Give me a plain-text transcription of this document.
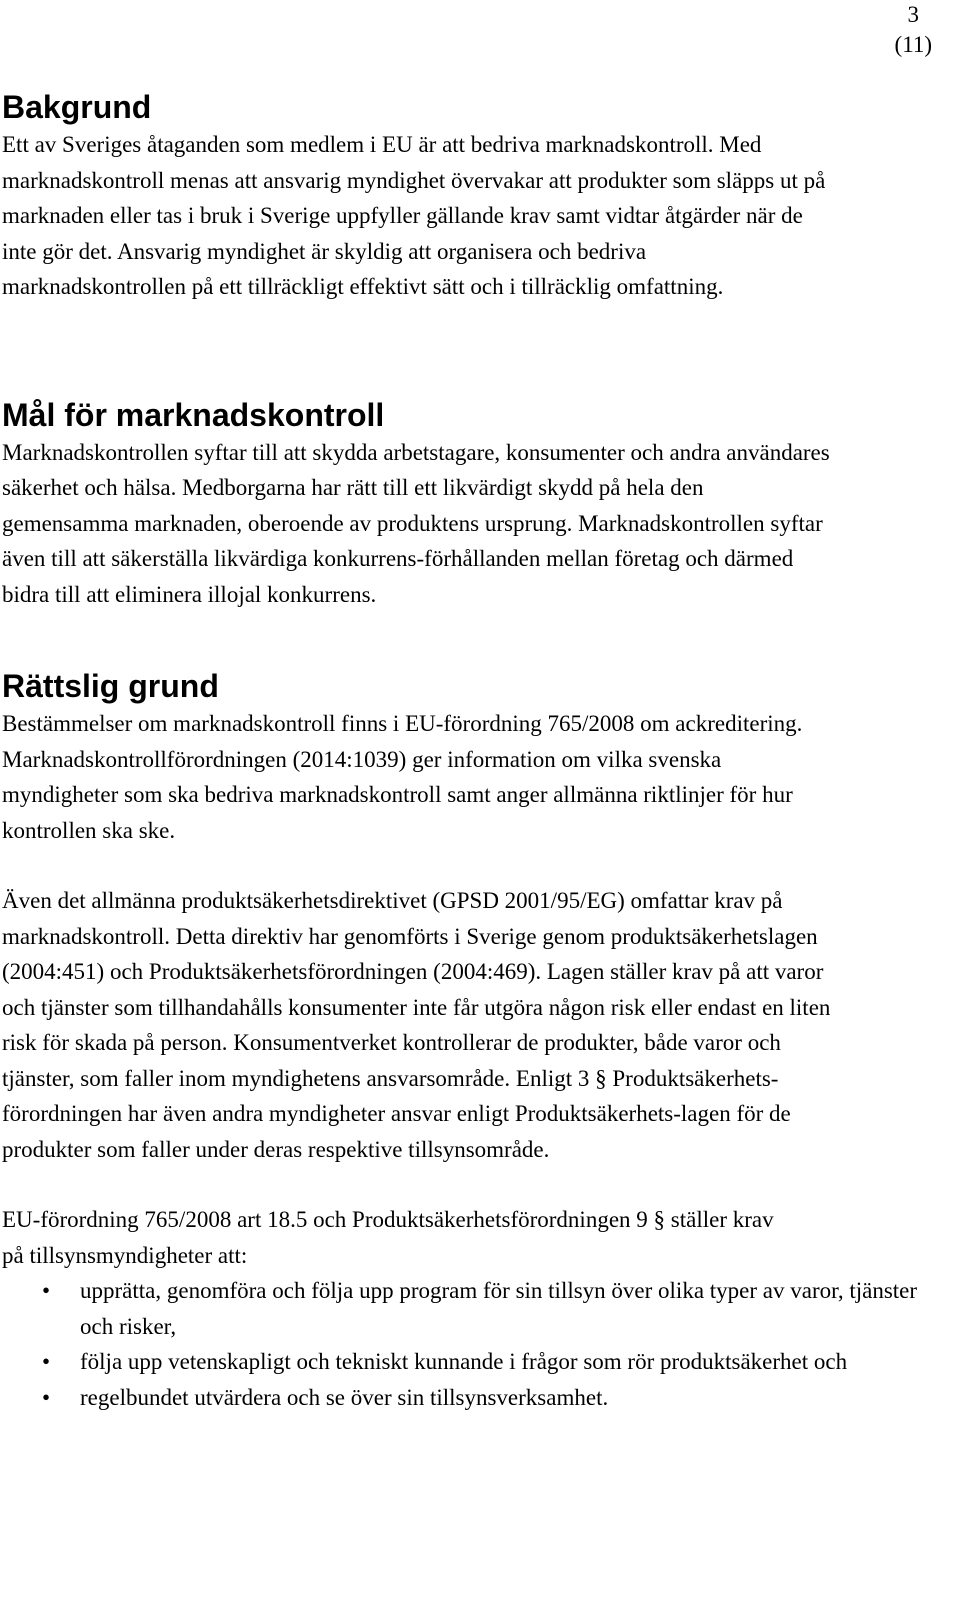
3
(11)
Bakgrund

Ett av Sveriges åtaganden som medlem i EU är att bedriva marknadskontroll. Med marknadskontroll menas att ansvarig myndighet övervakar att produkter som släpps ut på marknaden eller tas i bruk i Sverige uppfyller gällande krav samt vidtar åtgärder när de inte gör det. Ansvarig myndighet är skyldig att organisera och bedriva marknadskontrollen på ett tillräckligt effektivt sätt och i tillräcklig omfattning.

Mål för marknadskontroll

Marknadskontrollen syftar till att skydda arbetstagare, konsumenter och andra användares säkerhet och hälsa. Medborgarna har rätt till ett likvärdigt skydd på hela den gemensamma marknaden, oberoende av produktens ursprung. Marknadskontrollen syftar även till att säkerställa likvärdiga konkurrens-förhållanden mellan företag och därmed bidra till att eliminera illojal konkurrens.

Rättslig grund

Bestämmelser om marknadskontroll finns i EU-förordning 765/2008 om ackreditering. Marknadskontrollförordningen (2014:1039) ger information om vilka svenska myndigheter som ska bedriva marknadskontroll samt anger allmänna riktlinjer för hur kontrollen ska ske.

Även det allmänna produktsäkerhetsdirektivet (GPSD 2001/95/EG) omfattar krav på marknadskontroll. Detta direktiv har genomförts i Sverige genom produktsäkerhetslagen (2004:451) och Produktsäkerhetsförordningen (2004:469). Lagen ställer krav på att varor och tjänster som tillhandahålls konsumenter inte får utgöra någon risk eller endast en liten risk för skada på person. Konsumentverket kontrollerar de produkter, både varor och tjänster, som faller inom myndighetens ansvarsområde. Enligt 3 § Produktsäkerhets-förordningen har även andra myndigheter ansvar enligt Produktsäkerhets-lagen för de produkter som faller under deras respektive tillsynsområde.

EU-förordning 765/2008 art 18.5 och Produktsäkerhetsförordningen 9 § ställer krav på tillsynsmyndigheter att:

• upprätta, genomföra och följa upp program för sin tillsyn över olika typer av varor, tjänster och risker,
• följa upp vetenskapligt och tekniskt kunnande i frågor som rör produktsäkerhet och
• regelbundet utvärdera och se över sin tillsynsverksamhet.
